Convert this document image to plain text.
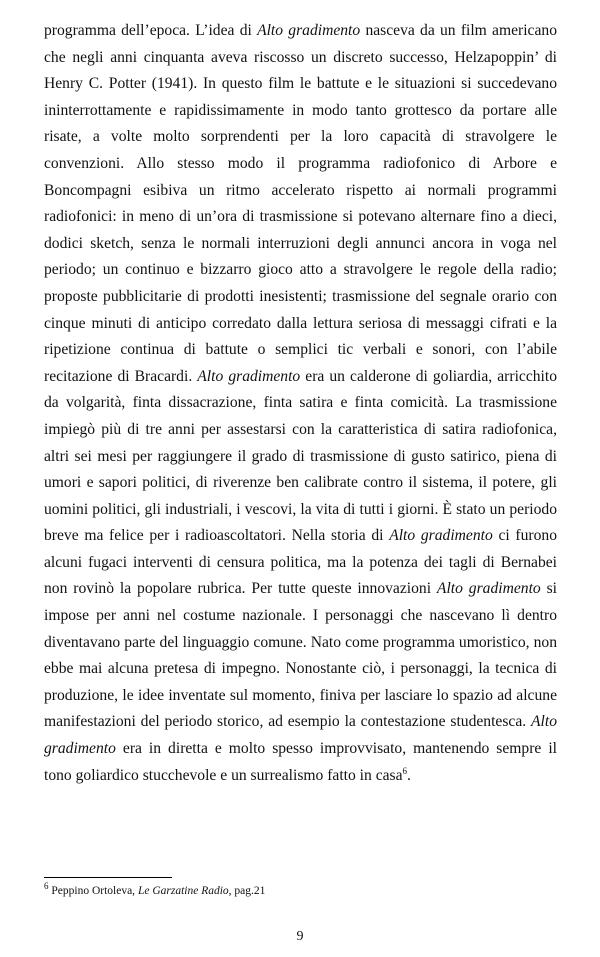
programma dell’epoca. L’idea di Alto gradimento nasceva da un film americano che negli anni cinquanta aveva riscosso un discreto successo, Helzapoppin’ di Henry C. Potter (1941). In questo film le battute e le situazioni si succedevano ininterrottamente e rapidissimamente in modo tanto grottesco da portare alle risate, a volte molto sorprendenti per la loro capacità di stravolgere le convenzioni. Allo stesso modo il programma radiofonico di Arbore e Boncompagni esibiva un ritmo accelerato rispetto ai normali programmi radiofonici: in meno di un’ora di trasmissione si potevano alternare fino a dieci, dodici sketch, senza le normali interruzioni degli annunci ancora in voga nel periodo; un continuo e bizzarro gioco atto a stravolgere le regole della radio; proposte pubblicitarie di prodotti inesistenti; trasmissione del segnale orario con cinque minuti di anticipo corredato dalla lettura seriosa di messaggi cifrati e la ripetizione continua di battute o semplici tic verbali e sonori, con l’abile recitazione di Bracardi. Alto gradimento era un calderone di goliardia, arricchito da volgarità, finta dissacrazione, finta satira e finta comicità. La trasmissione impiegò più di tre anni per assestarsi con la caratteristica di satira radiofonica, altri sei mesi per raggiungere il grado di trasmissione di gusto satirico, piena di umori e sapori politici, di riverenze ben calibrate contro il sistema, il potere, gli uomini politici, gli industriali, i vescovi, la vita di tutti i giorni. È stato un periodo breve ma felice per i radioascoltatori. Nella storia di Alto gradimento ci furono alcuni fugaci interventi di censura politica, ma la potenza dei tagli di Bernabei non rovinò la popolare rubrica. Per tutte queste innovazioni Alto gradimento si impose per anni nel costume nazionale. I personaggi che nascevano lì dentro diventavano parte del linguaggio comune. Nato come programma umoristico, non ebbe mai alcuna pretesa di impegno. Nonostante ciò, i personaggi, la tecnica di produzione, le idee inventate sul momento, finiva per lasciare lo spazio ad alcune manifestazioni del periodo storico, ad esempio la contestazione studentesca. Alto gradimento era in diretta e molto spesso improvvisato, mantenendo sempre il tono goliardico stucchevole e un surrealismo fatto in casa$^6$.

$^6$ Peppino Ortoleva, Le Garzatine Radio, pag.21
9
